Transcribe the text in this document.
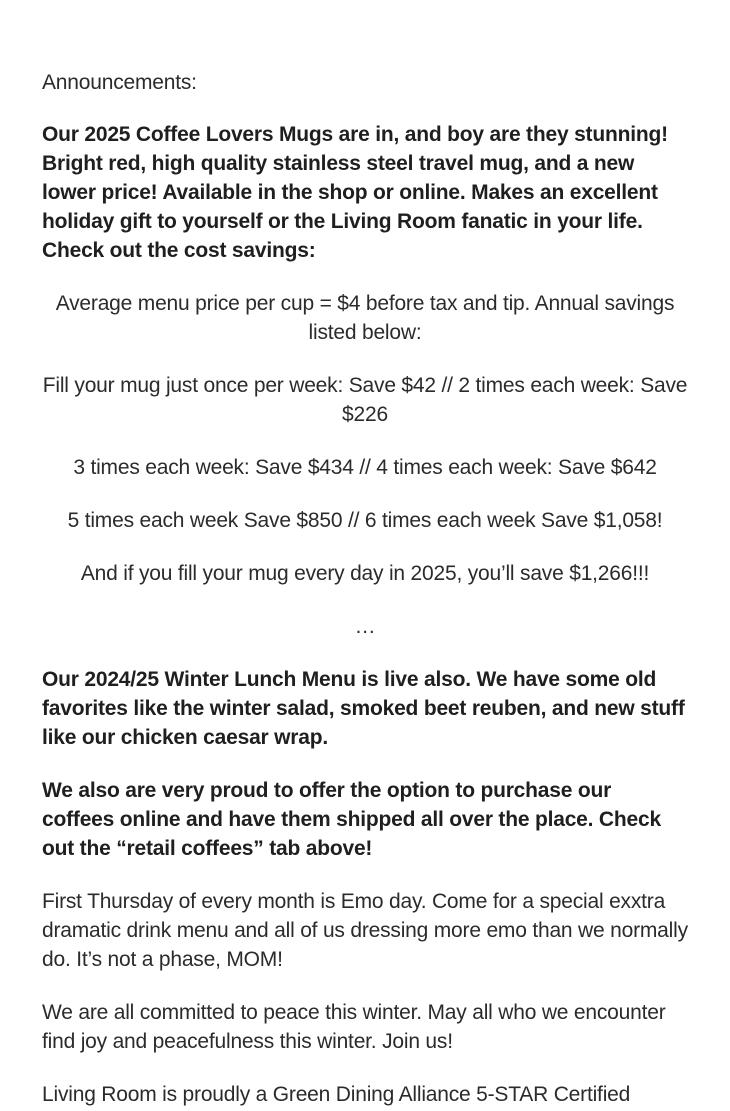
Announcements:

Our 2025 Coffee Lovers Mugs are in, and boy are they stunning! Bright red, high quality stainless steel travel mug, and a new lower price! Available in the shop or online. Makes an excellent holiday gift to yourself or the Living Room fanatic in your life. Check out the cost savings:

Average menu price per cup = $4 before tax and tip. Annual savings listed below:

Fill your mug just once per week: Save $42 // 2 times each week: Save $226

3 times each week: Save $434 // 4 times each week: Save $642

5 times each week Save $850 // 6 times each week Save $1,058!

And if you fill your mug every day in 2025, you’ll save $1,266!!!

…

Our 2024/25 Winter Lunch Menu is live also. We have some old favorites like the winter salad, smoked beet reuben, and new stuff like our chicken caesar wrap.

We also are very proud to offer the option to purchase our coffees online and have them shipped all over the place. Check out the “retail coffees” tab above!

First Thursday of every month is Emo day. Come for a special exxtra dramatic drink menu and all of us dressing more emo than we normally do. It’s not a phase, MOM!

We are all committed to peace this winter. May all who we encounter find joy and peacefulness this winter. Join us!

Living Room is proudly a Green Dining Alliance 5-STAR Certified
